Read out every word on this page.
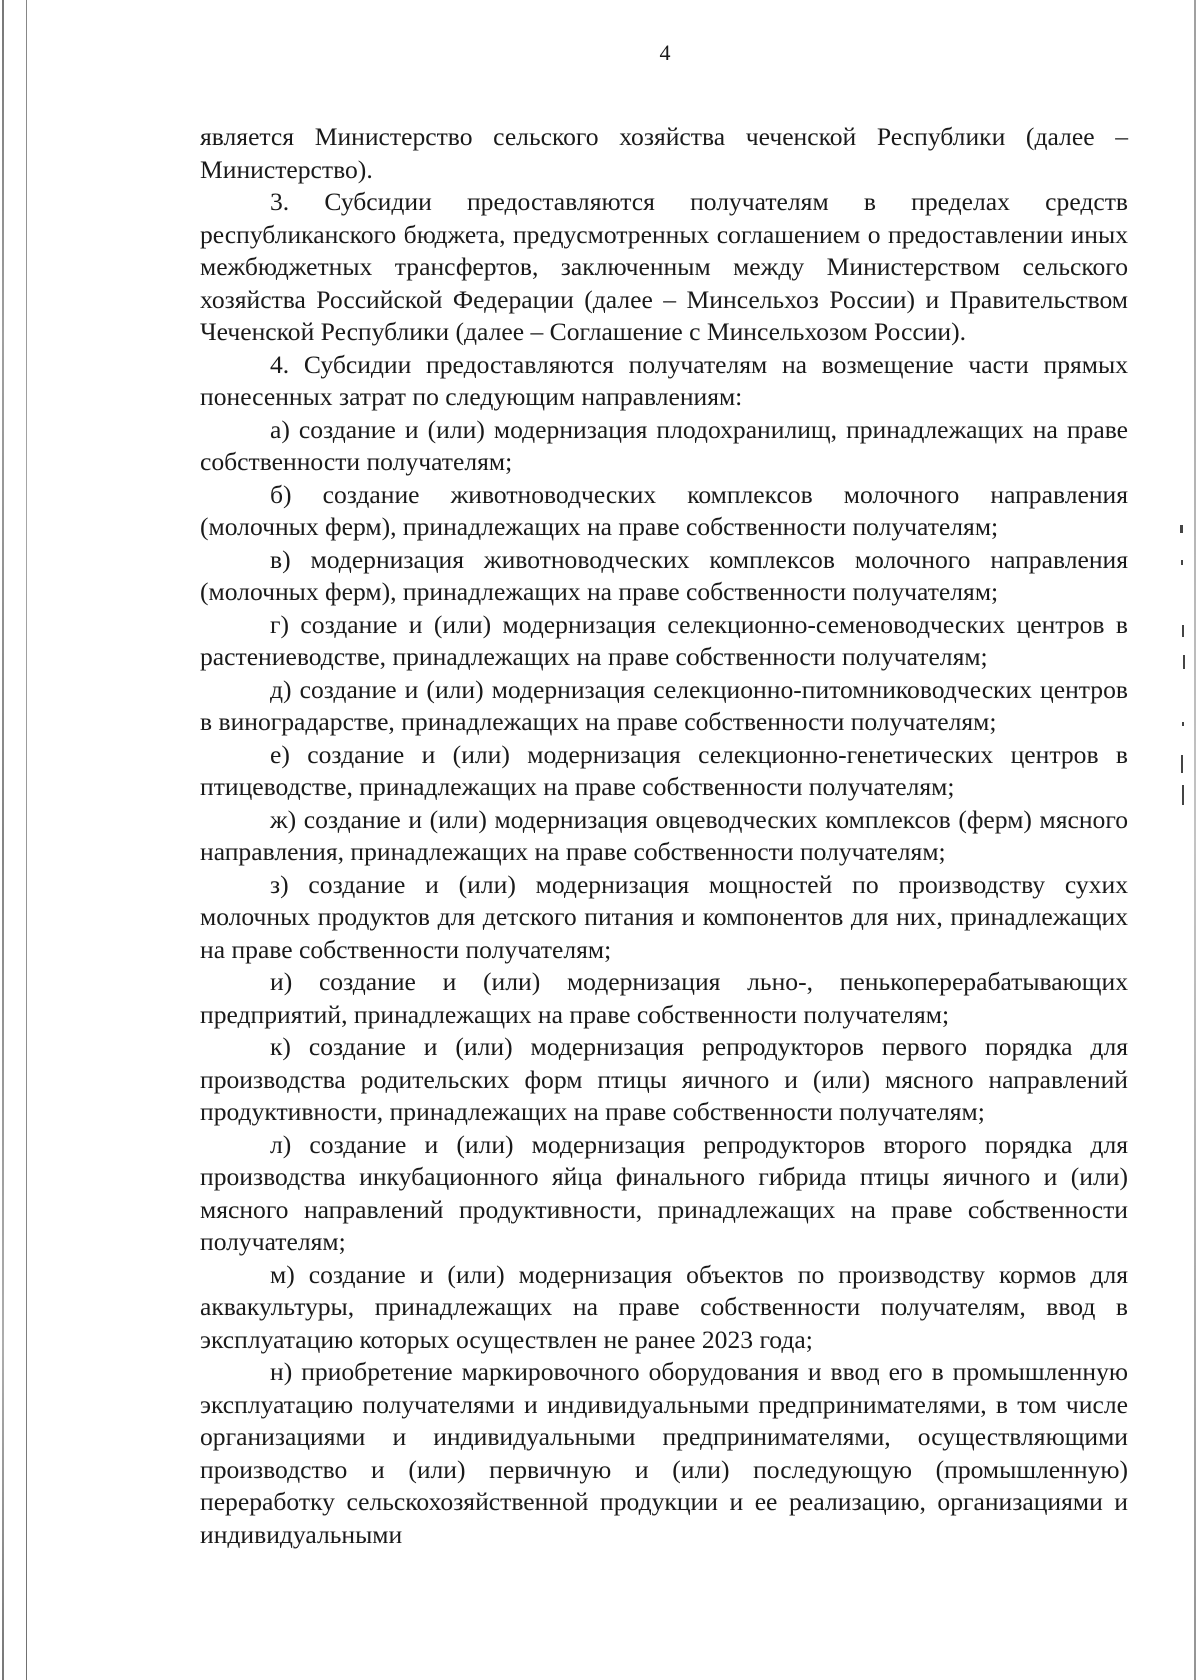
4

является Министерство сельского хозяйства чеченской Республики (далее – Министерство).

3. Субсидии предоставляются получателям в пределах средств республиканского бюджета, предусмотренных соглашением о предоставлении иных межбюджетных трансфертов, заключенным между Министерством сельского хозяйства Российской Федерации (далее – Минсельхоз России) и Правительством Чеченской Республики (далее – Соглашение с Минсельхозом России).

4. Субсидии предоставляются получателям на возмещение части прямых понесенных затрат по следующим направлениям:

а) создание и (или) модернизация плодохранилищ, принадлежащих на праве собственности получателям;

б) создание животноводческих комплексов молочного направления (молочных ферм), принадлежащих на праве собственности получателям;

в) модернизация животноводческих комплексов молочного направления (молочных ферм), принадлежащих на праве собственности получателям;

г) создание и (или) модернизация селекционно-семеноводческих центров в растениеводстве, принадлежащих на праве собственности получателям;

д) создание и (или) модернизация селекционно-питомниководческих центров в виноградарстве, принадлежащих на праве собственности получателям;

е) создание и (или) модернизация селекционно-генетических центров в птицеводстве, принадлежащих на праве собственности получателям;

ж) создание и (или) модернизация овцеводческих комплексов (ферм) мясного направления, принадлежащих на праве собственности получателям;

з) создание и (или) модернизация мощностей по производству сухих молочных продуктов для детского питания и компонентов для них, принадлежащих на праве собственности получателям;

и) создание и (или) модернизация льно-, пенькоперерабатывающих предприятий, принадлежащих на праве собственности получателям;

к) создание и (или) модернизация репродукторов первого порядка для производства родительских форм птицы яичного и (или) мясного направлений продуктивности, принадлежащих на праве собственности получателям;

л) создание и (или) модернизация репродукторов второго порядка для производства инкубационного яйца финального гибрида птицы яичного и (или) мясного направлений продуктивности, принадлежащих на праве собственности получателям;

м) создание и (или) модернизация объектов по производству кормов для аквакультуры, принадлежащих на праве собственности получателям, ввод в эксплуатацию которых осуществлен не ранее 2023 года;

н) приобретение маркировочного оборудования и ввод его в промышленную эксплуатацию получателями и индивидуальными предпринимателями, в том числе организациями и индивидуальными предпринимателями, осуществляющими производство и (или) первичную и (или) последующую (промышленную) переработку сельскохозяйственной продукции и ее реализацию, организациями и индивидуальными
